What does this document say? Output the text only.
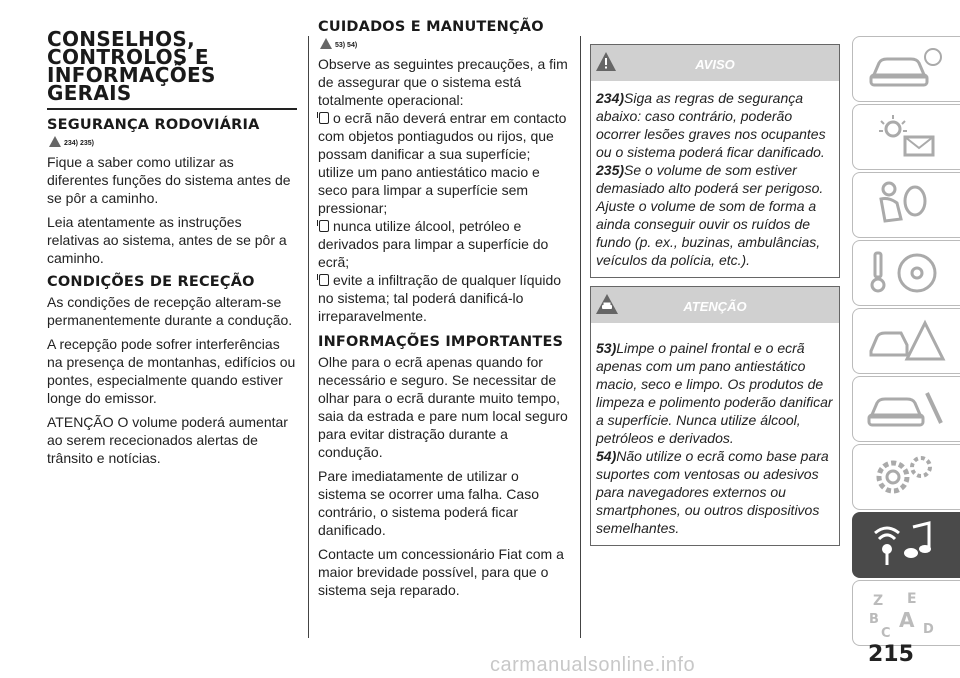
CONSELHOS, CONTROLOS E INFORMAÇÕES GERAIS
SEGURANÇA RODOVIÁRIA
234) 235)

Fique a saber como utilizar as diferentes funções do sistema antes de se pôr a caminho.

Leia atentamente as instruções relativas ao sistema, antes de se pôr a caminho.

CONDIÇÕES DE RECEÇÃO

As condições de recepção alteram-se permanentemente durante a condução.

A recepção pode sofrer interferências na presença de montanhas, edifícios ou pontes, especialmente quando estiver longe do emissor.

ATENÇÃO O volume poderá aumentar ao serem rececionados alertas de trânsito e notícias.

CUIDADOS E MANUTENÇÃO
53) 54)

Observe as seguintes precauções, a fim de assegurar que o sistema está totalmente operacional:

o ecrã não deverá entrar em contacto com objetos pontiagudos ou rijos, que possam danificar a sua superfície; utilize um pano antiestático macio e seco para limpar a superfície sem pressionar;

nunca utilize álcool, petróleo e derivados para limpar a superfície do ecrã;

evite a infiltração de qualquer líquido no sistema; tal poderá danificá-lo irreparavelmente.

INFORMAÇÕES IMPORTANTES

Olhe para o ecrã apenas quando for necessário e seguro. Se necessitar de olhar para o ecrã durante muito tempo, saia da estrada e pare num local seguro para evitar distração durante a condução.

Pare imediatamente de utilizar o sistema se ocorrer uma falha. Caso contrário, o sistema poderá ficar danificado.

Contacte um concessionário Fiat com a maior brevidade possível, para que o sistema seja reparado.

AVISO

234)Siga as regras de segurança abaixo: caso contrário, poderão ocorrer lesões graves nos ocupantes ou o sistema poderá ficar danificado.

235)Se o volume de som estiver demasiado alto poderá ser perigoso. Ajuste o volume de som de forma a ainda conseguir ouvir os ruídos de fundo (p. ex., buzinas, ambulâncias, veículos da polícia, etc.).

ATENÇÃO

53)Limpe o painel frontal e o ecrã apenas com um pano antiestático macio, seco e limpo. Os produtos de limpeza e polimento poderão danificar a superfície. Nunca utilize álcool, petróleos e derivados.

54)Não utilize o ecrã como base para suportes com ventosas ou adesivos para navegadores externos ou smartphones, ou outros dispositivos semelhantes.

Z E
B A
C D
215
carmanualsonline.info
